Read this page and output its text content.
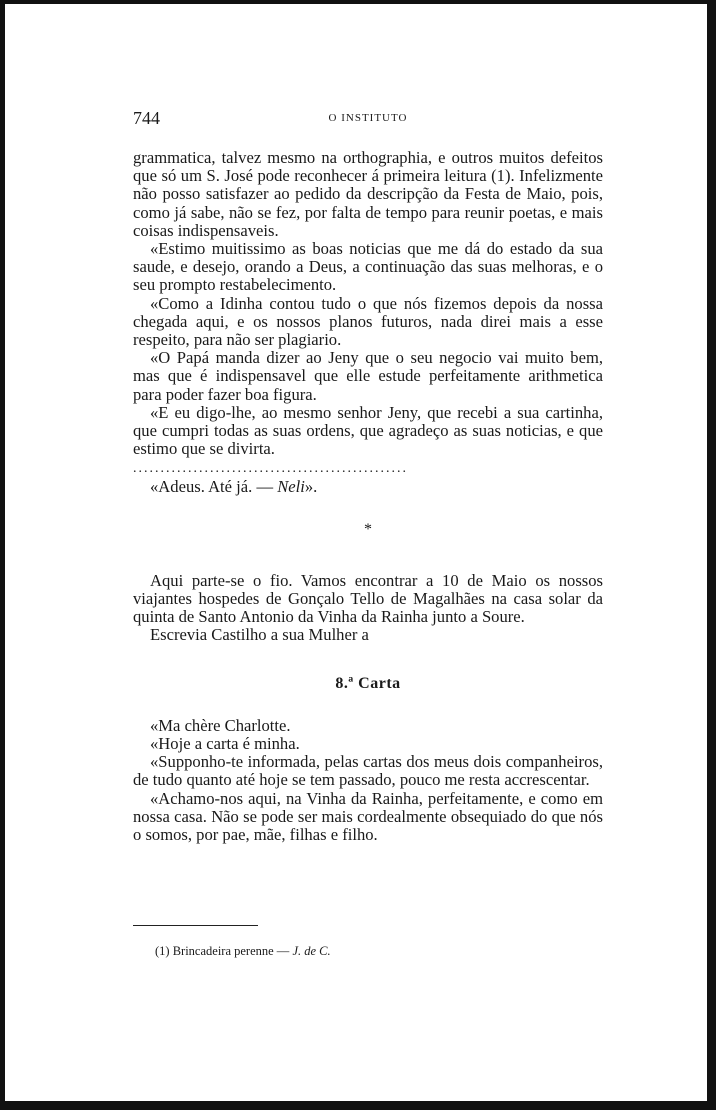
744	O INSTITUTO

grammatica, talvez mesmo na orthographia, e outros muitos defeitos que só um S. José pode reconhecer á primeira leitura (1). Infelizmente não posso satisfazer ao pedido da descripção da Festa de Maio, pois, como já sabe, não se fez, por falta de tempo para reunir poetas, e mais coisas indispensaveis.

«Estimo muitissimo as boas noticias que me dá do estado da sua saude, e desejo, orando a Deus, a continuação das suas melhoras, e o seu prompto restabelecimento.

«Como a Idinha contou tudo o que nós fizemos depois da nossa chegada aqui, e os nossos planos futuros, nada direi mais a esse respeito, para não ser plagiario.

«O Papá manda dizer ao Jeny que o seu negocio vai muito bem, mas que é indispensavel que elle estude perfeitamente arithmetica para poder fazer boa figura.

«E eu digo-lhe, ao mesmo senhor Jeny, que recebi a sua cartinha, que cumpri todas as suas ordens, que agradeço as suas noticias, e que estimo que se divirta.

..................................................

«Adeus. Até já. — Neli».

*

Aqui parte-se o fio. Vamos encontrar a 10 de Maio os nossos viajantes hospedes de Gonçalo Tello de Magalhães na casa solar da quinta de Santo Antonio da Vinha da Rainha junto a Soure.

Escrevia Castilho a sua Mulher a

8.ª Carta

«Ma chère Charlotte.

«Hoje a carta é minha.

«Supponho-te informada, pelas cartas dos meus dois companheiros, de tudo quanto até hoje se tem passado, pouco me resta accrescentar.

«Achamo-nos aqui, na Vinha da Rainha, perfeitamente, e como em nossa casa. Não se pode ser mais cordealmente obsequiado do que nós o somos, por pae, mãe, filhas e filho.

(1) Brincadeira perenne — J. de C.
